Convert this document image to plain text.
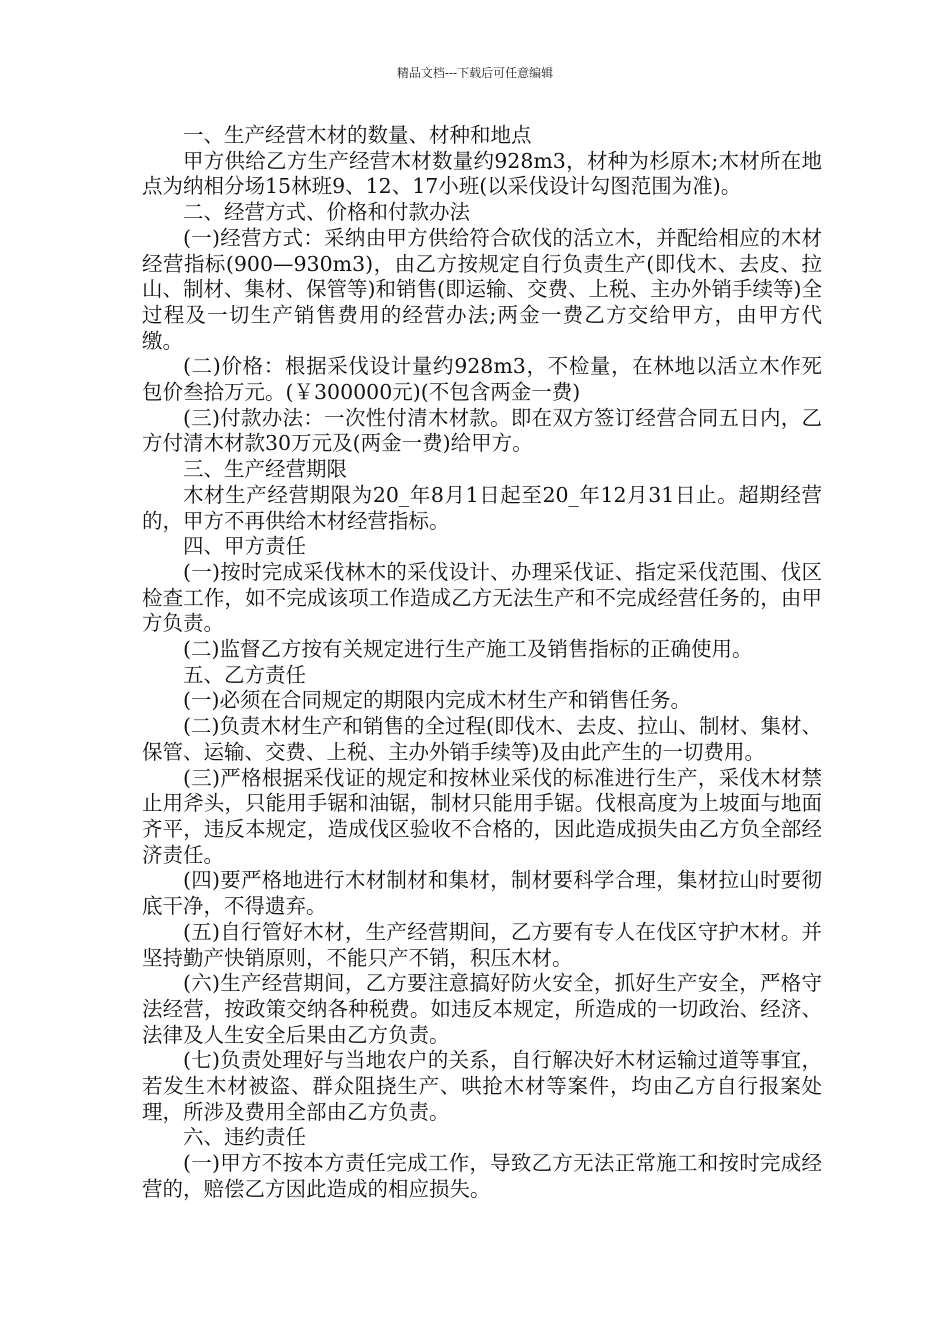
精品文档---下载后可任意编辑

一、生产经营木材的数量、材种和地点

甲方供给乙方生产经营木材数量约928m3，材种为杉原木;木材所在地点为纳相分场15林班9、12、17小班(以采伐设计勾图范围为准)。

二、经营方式、价格和付款办法

(一)经营方式：采纳由甲方供给符合砍伐的活立木，并配给相应的木材经营指标(900—930m3)，由乙方按规定自行负责生产(即伐木、去皮、拉山、制材、集材、保管等)和销售(即运输、交费、上税、主办外销手续等)全过程及一切生产销售费用的经营办法;两金一费乙方交给甲方，由甲方代缴。

(二)价格：根据采伐设计量约928m3，不检量，在林地以活立木作死包价叁拾万元。(￥300000元)(不包含两金一费)

(三)付款办法：一次性付清木材款。即在双方签订经营合同五日内，乙方付清木材款30万元及(两金一费)给甲方。

三、生产经营期限

木材生产经营期限为20_年8月1日起至20_年12月31日止。超期经营的，甲方不再供给木材经营指标。

四、甲方责任

(一)按时完成采伐林木的采伐设计、办理采伐证、指定采伐范围、伐区检查工作，如不完成该项工作造成乙方无法生产和不完成经营任务的，由甲方负责。

(二)监督乙方按有关规定进行生产施工及销售指标的正确使用。

五、乙方责任

(一)必须在合同规定的期限内完成木材生产和销售任务。

(二)负责木材生产和销售的全过程(即伐木、去皮、拉山、制材、集材、保管、运输、交费、上税、主办外销手续等)及由此产生的一切费用。

(三)严格根据采伐证的规定和按林业采伐的标准进行生产，采伐木材禁止用斧头，只能用手锯和油锯，制材只能用手锯。伐根高度为上坡面与地面齐平，违反本规定，造成伐区验收不合格的，因此造成损失由乙方负全部经济责任。

(四)要严格地进行木材制材和集材，制材要科学合理，集材拉山时要彻底干净，不得遗弃。

(五)自行管好木材，生产经营期间，乙方要有专人在伐区守护木材。并坚持勤产快销原则，不能只产不销，积压木材。

(六)生产经营期间，乙方要注意搞好防火安全，抓好生产安全，严格守法经营，按政策交纳各种税费。如违反本规定，所造成的一切政治、经济、法律及人生安全后果由乙方负责。

(七)负责处理好与当地农户的关系，自行解决好木材运输过道等事宜，若发生木材被盗、群众阻挠生产、哄抢木材等案件，均由乙方自行报案处理，所涉及费用全部由乙方负责。

六、违约责任

(一)甲方不按本方责任完成工作，导致乙方无法正常施工和按时完成经营的，赔偿乙方因此造成的相应损失。
